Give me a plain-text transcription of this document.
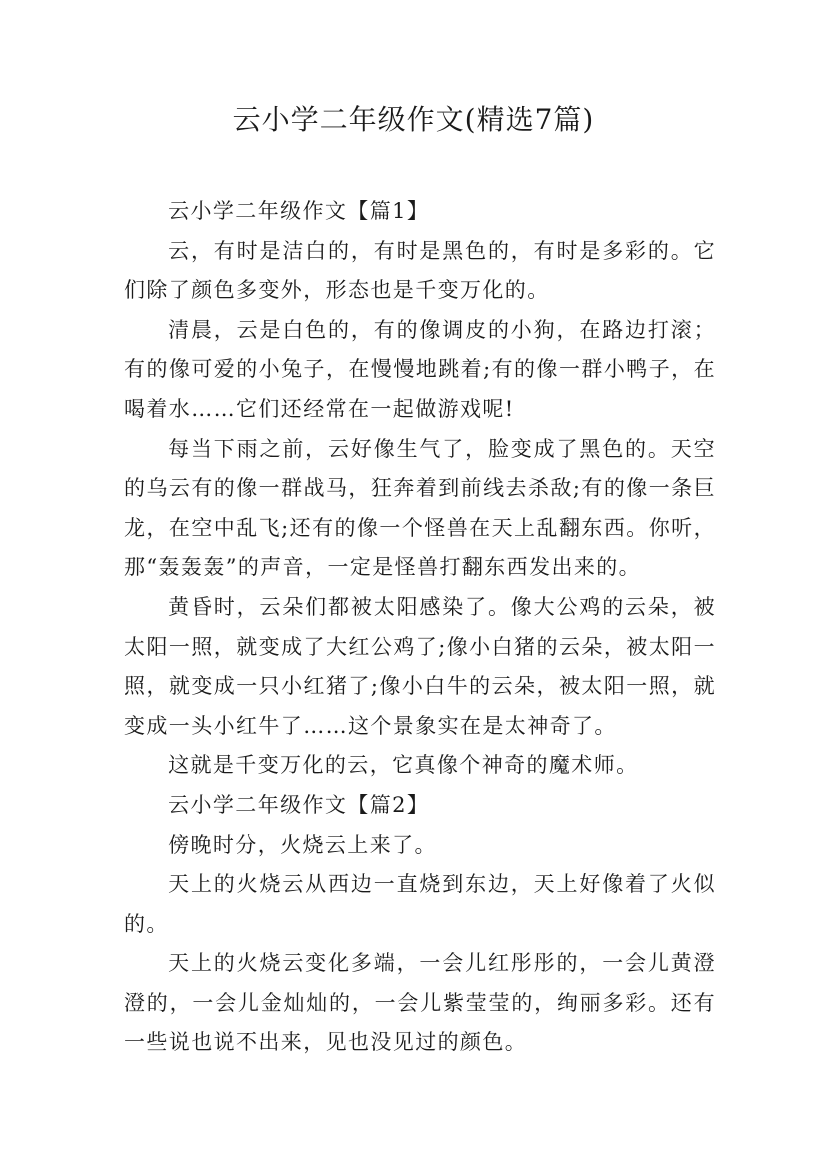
云小学二年级作文(精选7篇)

云小学二年级作文【篇1】

云，有时是洁白的，有时是黑色的，有时是多彩的。它们除了颜色多变外，形态也是千变万化的。

清晨，云是白色的，有的像调皮的小狗，在路边打滚；有的像可爱的小兔子，在慢慢地跳着;有的像一群小鸭子，在喝着水……它们还经常在一起做游戏呢!

每当下雨之前，云好像生气了，脸变成了黑色的。天空的乌云有的像一群战马，狂奔着到前线去杀敌;有的像一条巨龙，在空中乱飞;还有的像一个怪兽在天上乱翻东西。你听，那“轰轰轰”的声音，一定是怪兽打翻东西发出来的。

黄昏时，云朵们都被太阳感染了。像大公鸡的云朵，被太阳一照，就变成了大红公鸡了;像小白猪的云朵，被太阳一照，就变成一只小红猪了;像小白牛的云朵，被太阳一照，就变成一头小红牛了……这个景象实在是太神奇了。

这就是千变万化的云，它真像个神奇的魔术师。

云小学二年级作文【篇2】

傍晚时分，火烧云上来了。

天上的火烧云从西边一直烧到东边，天上好像着了火似的。

天上的火烧云变化多端，一会儿红彤彤的，一会儿黄澄澄的，一会儿金灿灿的，一会儿紫莹莹的，绚丽多彩。还有一些说也说不出来，见也没见过的颜色。
